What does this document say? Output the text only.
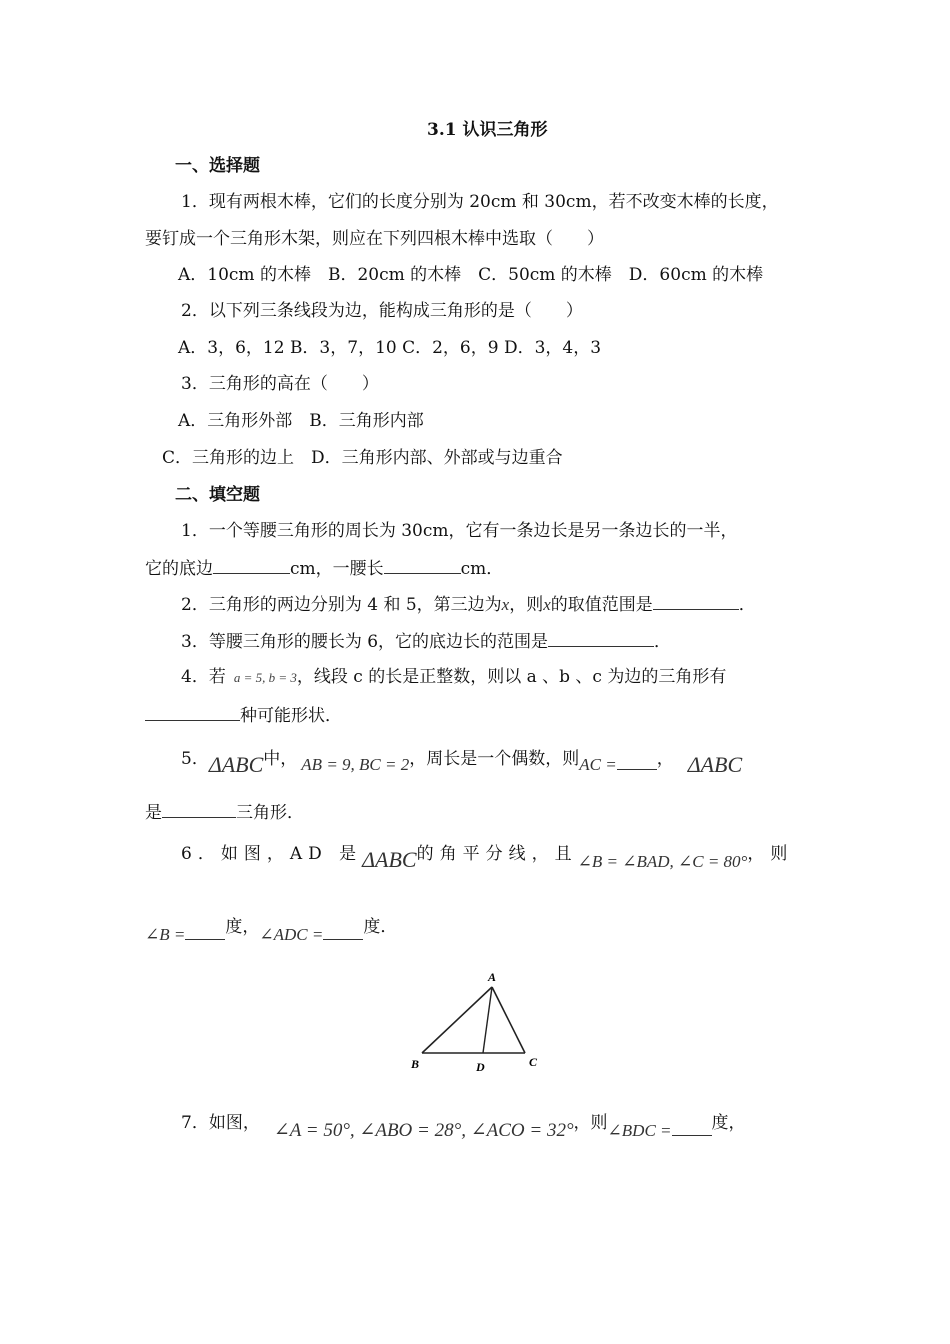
3.1 认识三角形
一、选择题
1．现有两根木棒，它们的长度分别为 20cm 和 30cm，若不改变木棒的长度，
要钉成一个三角形木架，则应在下列四根木棒中选取（　　）
A．10cm 的木棒　B．20cm 的木棒　C．50cm 的木棒　D．60cm 的木棒
2．以下列三条线段为边，能构成三角形的是（　　）
A．3，6，12 B．3，7，10 C．2，6，9 D．3，4，3
3．三角形的高在（　　）
A．三角形外部　B．三角形内部
C．三角形的边上　D．三角形内部、外部或与边重合
二、填空题
1．一个等腰三角形的周长为 30cm，它有一条边长是另一条边长的一半，
它的底边	cm，一腰长	cm．
2．三角形的两边分别为 4 和 5，第三边为x，则x的取值范围是	．
3．等腰三角形的腰长为 6，它的底边长的范围是	．
4．若 a = 5, b = 3，线段 c 的长是正整数，则以 a 、b 、c 为边的三角形有
种可能形状．
5．ΔABC中， AB = 9, BC = 2，周长是一个偶数，则AC = ， ΔABC
是	三角形．
6．如图，AD 是ΔABC的角平分线，且∠B = ∠BAD, ∠C = 80°，则
∠B = 度，∠ADC = 度．
A
B	C
D
7．如图， ∠A = 50°, ∠ABO = 28°, ∠ACO = 32°，则∠BDC = 度，
